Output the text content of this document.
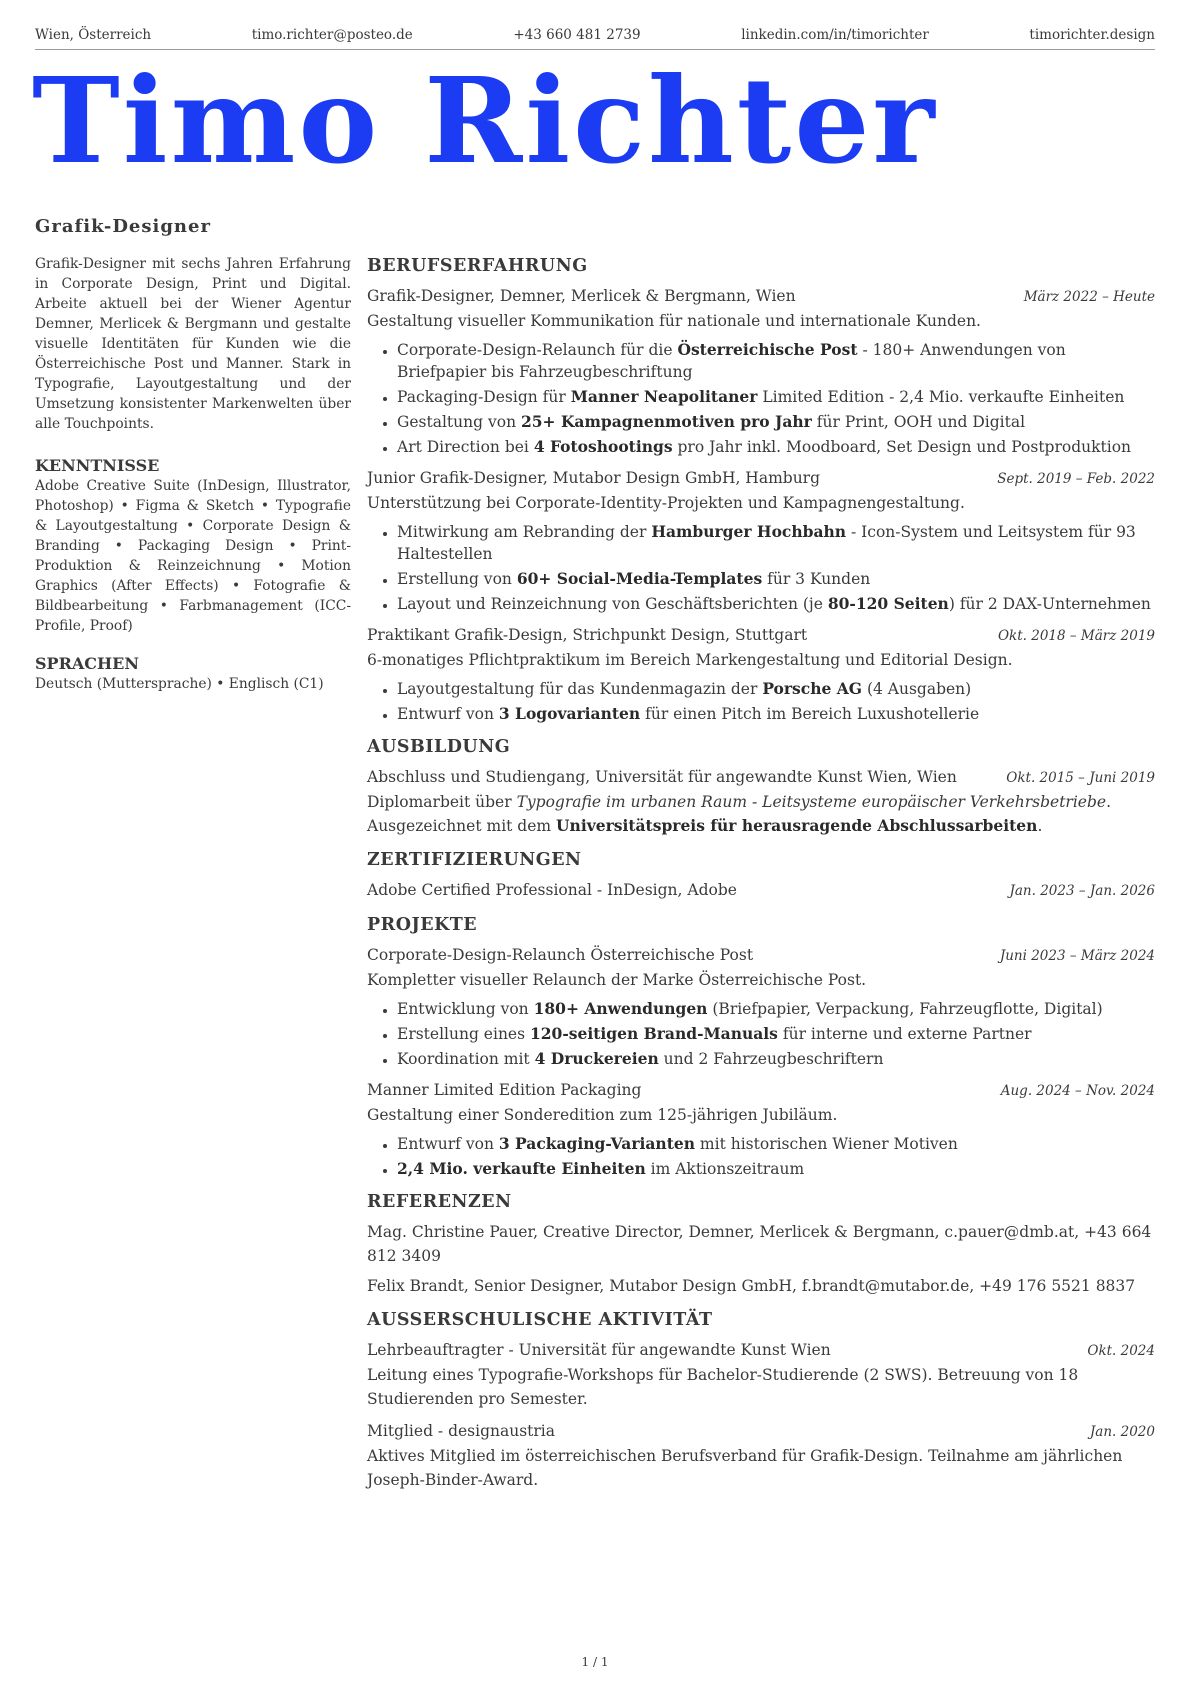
Wien, Österreich	timo.richter@posteo.de	+43 660 481 2739	linkedin.com/in/timorichter	timorichter.design
Timo Richter
Grafik-Designer

Grafik-Designer mit sechs Jahren Erfahrung in Corporate Design, Print und Digital. Arbeite aktuell bei der Wiener Agentur Demner, Merlicek & Bergmann und gestalte visuelle Identitäten für Kunden wie die Österreichische Post und Manner. Stark in Typografie, Layoutgestaltung und der Umsetzung konsistenter Markenwelten über alle Touchpoints.

KENNTNISSE

Adobe Creative Suite (InDesign, Illustrator, Photoshop) • Figma & Sketch • Typografie & Layoutgestaltung • Corporate Design & Branding • Packaging Design • Print-Produktion & Reinzeichnung • Motion Graphics (After Effects) • Fotografie & Bildbearbeitung • Farbmanagement (ICC-Profile, Proof)

SPRACHEN

Deutsch (Muttersprache) • Englisch (C1)

BERUFSERFAHRUNG
Grafik-Designer, Demner, Merlicek & Bergmann, Wien	März 2022 – Heute

Gestaltung visueller Kommunikation für nationale und internationale Kunden.

• Corporate-Design-Relaunch für die Österreichische Post - 180+ Anwendungen von Briefpapier bis Fahrzeugbeschriftung
• Packaging-Design für Manner Neapolitaner Limited Edition - 2,4 Mio. verkaufte Einheiten
• Gestaltung von 25+ Kampagnenmotiven pro Jahr für Print, OOH und Digital
• Art Direction bei 4 Fotoshootings pro Jahr inkl. Moodboard, Set Design und Postproduktion
Junior Grafik-Designer, Mutabor Design GmbH, Hamburg	Sept. 2019 – Feb. 2022

Unterstützung bei Corporate-Identity-Projekten und Kampagnengestaltung.

• Mitwirkung am Rebranding der Hamburger Hochbahn - Icon-System und Leitsystem für 93 Haltestellen
• Erstellung von 60+ Social-Media-Templates für 3 Kunden
• Layout und Reinzeichnung von Geschäftsberichten (je 80-120 Seiten) für 2 DAX-Unternehmen
Praktikant Grafik-Design, Strichpunkt Design, Stuttgart	Okt. 2018 – März 2019

6-monatiges Pflichtpraktikum im Bereich Markengestaltung und Editorial Design.

• Layoutgestaltung für das Kundenmagazin der Porsche AG (4 Ausgaben)
• Entwurf von 3 Logovarianten für einen Pitch im Bereich Luxushotellerie
AUSBILDUNG
Abschluss und Studiengang, Universität für angewandte Kunst Wien, Wien	Okt. 2015 – Juni 2019

Diplomarbeit über Typografie im urbanen Raum - Leitsysteme europäischer Verkehrsbetriebe. Ausgezeichnet mit dem Universitätspreis für herausragende Abschlussarbeiten.

ZERTIFIZIERUNGEN
Adobe Certified Professional - InDesign, Adobe	Jan. 2023 – Jan. 2026
PROJEKTE
Corporate-Design-Relaunch Österreichische Post	Juni 2023 – März 2024

Kompletter visueller Relaunch der Marke Österreichische Post.

• Entwicklung von 180+ Anwendungen (Briefpapier, Verpackung, Fahrzeugflotte, Digital)
• Erstellung eines 120-seitigen Brand-Manuals für interne und externe Partner
• Koordination mit 4 Druckereien und 2 Fahrzeugbeschriftern
Manner Limited Edition Packaging	Aug. 2024 – Nov. 2024

Gestaltung einer Sonderedition zum 125-jährigen Jubiläum.

• Entwurf von 3 Packaging-Varianten mit historischen Wiener Motiven
• 2,4 Mio. verkaufte Einheiten im Aktionszeitraum
REFERENZEN

Mag. Christine Pauer, Creative Director, Demner, Merlicek & Bergmann, c.pauer@dmb.at, +43 664 812 3409

Felix Brandt, Senior Designer, Mutabor Design GmbH, f.brandt@mutabor.de, +49 176 5521 8837

AUSSERSCHULISCHE AKTIVITÄT
Lehrbeauftragter - Universität für angewandte Kunst Wien	Okt. 2024

Leitung eines Typografie-Workshops für Bachelor-Studierende (2 SWS). Betreuung von 18 Studierenden pro Semester.

Mitglied - designaustria	Jan. 2020

Aktives Mitglied im österreichischen Berufsverband für Grafik-Design. Teilnahme am jährlichen Joseph-Binder-Award.

1 / 1
